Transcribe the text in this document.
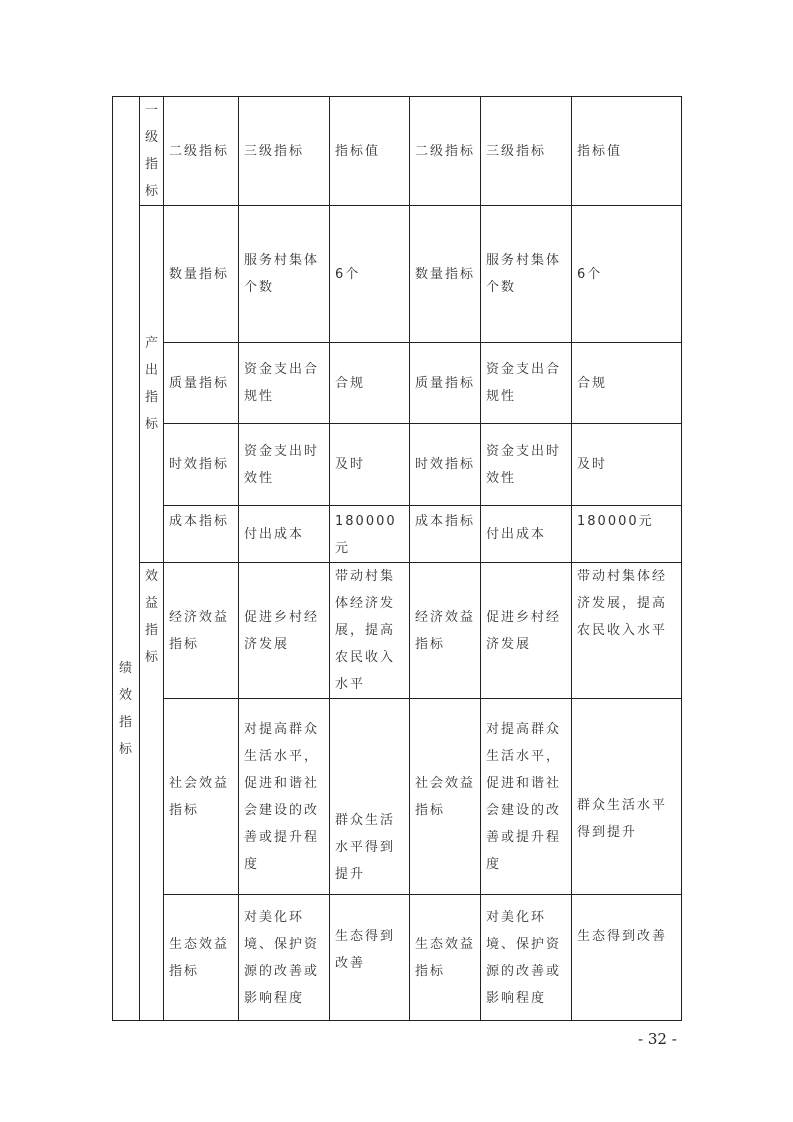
绩效指标	一级指标	二级指标	三级指标	指标值	二级指标	三级指标	指标值

	产出指标	数量指标	服务村集体个数	6个	数量指标	服务村集体个数	6个
		质量指标	资金支出合规性	合规	质量指标	资金支出合规性	合规
		时效指标	资金支出时效性	及时	时效指标	资金支出时效性	及时
		成本指标	付出成本	180000元	成本指标	付出成本	180000元

	效益指标	经济效益指标	促进乡村经济发展	带动村集体经济发展，提高农民收入水平	经济效益指标	促进乡村经济发展	带动村集体经济发展，提高农民收入水平
		社会效益指标	对提高群众生活水平，促进和谐社会建设的改善或提升程度	群众生活水平得到提升	社会效益指标	对提高群众生活水平，促进和谐社会建设的改善或提升程度	群众生活水平得到提升
		生态效益指标	对美化环境、保护资源的改善或影响程度	生态得到改善	生态效益指标	对美化环境、保护资源的改善或影响程度	生态得到改善
- 32 -
